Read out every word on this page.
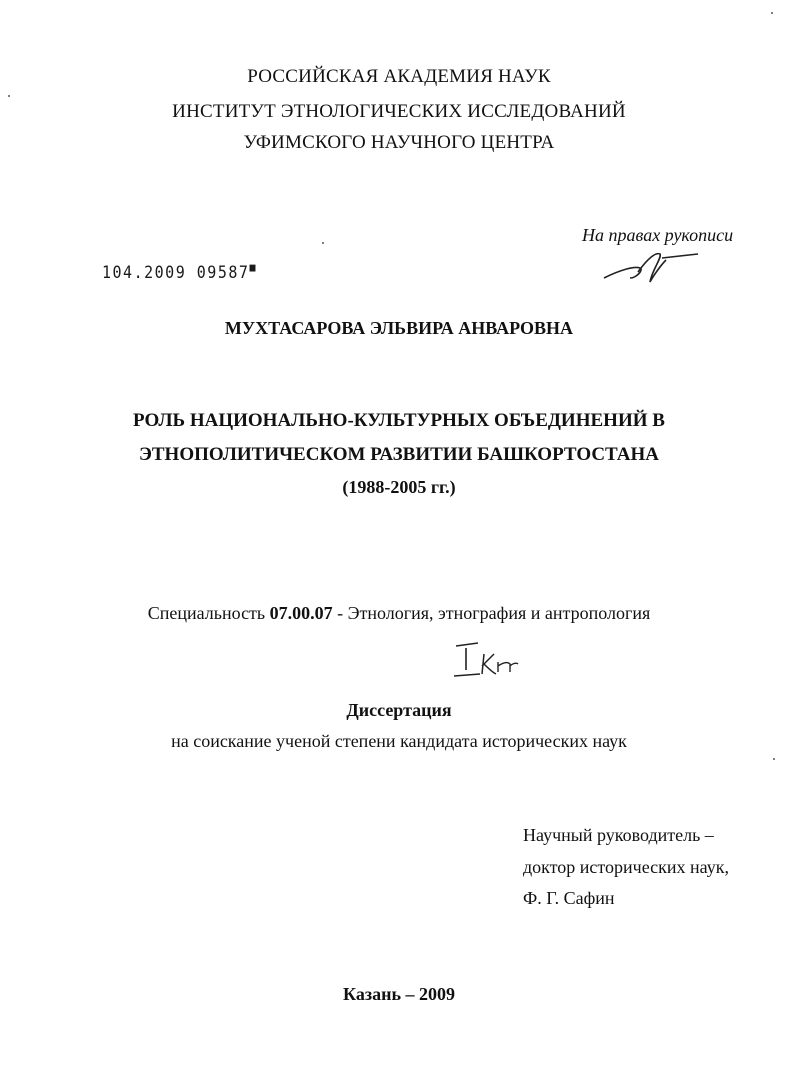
РОССИЙСКАЯ АКАДЕМИЯ НАУК
ИНСТИТУТ ЭТНОЛОГИЧЕСКИХ ИССЛЕДОВАНИЙ
УФИМСКОГО НАУЧНОГО ЦЕНТРА
На правах рукописи
104.2009 09587■
МУХТАСАРОВА ЭЛЬВИРА АНВАРОВНА
РОЛЬ НАЦИОНАЛЬНО-КУЛЬТУРНЫХ ОБЪЕДИНЕНИЙ В
ЭТНОПОЛИТИЧЕСКОМ РАЗВИТИИ БАШКОРТОСТАНА
(1988-2005 гг.)
Специальность 07.00.07 - Этнология, этнография и антропология
Диссертация
на соискание ученой степени кандидата исторических наук
Научный руководитель –
доктор исторических наук,
Ф. Г. Сафин
Казань – 2009
